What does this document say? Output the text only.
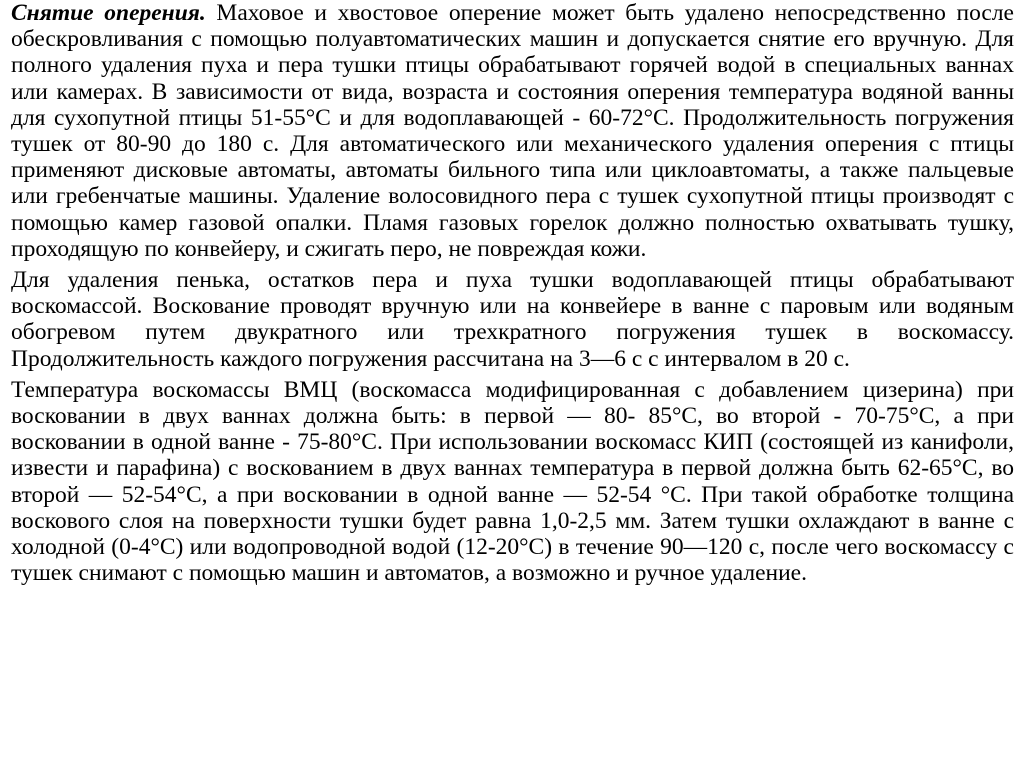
Снятие оперения. Маховое и хвостовое оперение может быть удалено непосредственно после обескровливания с помощью полуавтоматических машин и допускается снятие его вручную. Для полного удаления пуха и пера тушки птицы обрабатывают горячей водой в специальных ваннах или камерах. В зависимости от вида, возраста и состояния оперения температура водяной ванны для сухопутной птицы 51-55°С и для водоплавающей - 60-72°С. Продолжительность погружения тушек от 80-90 до 180 с. Для автоматического или механического удаления оперения с птицы применяют дисковые автоматы, автоматы бильного типа или циклоавтоматы, а также пальцевые или гребенчатые машины. Удаление волосовидного пера с тушек сухопутной птицы производят с помощью камер газовой опалки. Пламя газовых горелок должно полностью охватывать тушку, проходящую по конвейеру, и сжигать перо, не повреждая кожи.

Для удаления пенька, остатков пера и пуха тушки водоплавающей птицы обрабатывают воскомассой. Воскование проводят вручную или на конвейере в ванне с паровым или водяным обогревом путем двукратного или трехкратного погружения тушек в воскомассу. Продолжительность каждого погружения рассчитана на 3—6 с с интервалом в 20 с.

Температура воскомассы ВМЦ (воскомасса модифицированная с добавлением цизерина) при восковании в двух ваннах должна быть: в первой — 80- 85°С, во второй - 70-75°С, а при восковании в одной ванне - 75-80°С. При использовании воскомасс КИП (состоящей из канифоли, извести и парафина) с воскованием в двух ваннах температура в первой должна быть 62-65°С, во второй — 52-54°С, а при восковании в одной ванне — 52-54 °С. При такой обработке толщина воскового слоя на поверхности тушки будет равна 1,0-2,5 мм. Затем тушки охлаждают в ванне с холодной (0-4°С) или водопроводной водой (12-20°С) в течение 90—120 с, после чего воскомассу с тушек снимают с помощью машин и автоматов, а возможно и ручное удаление.
